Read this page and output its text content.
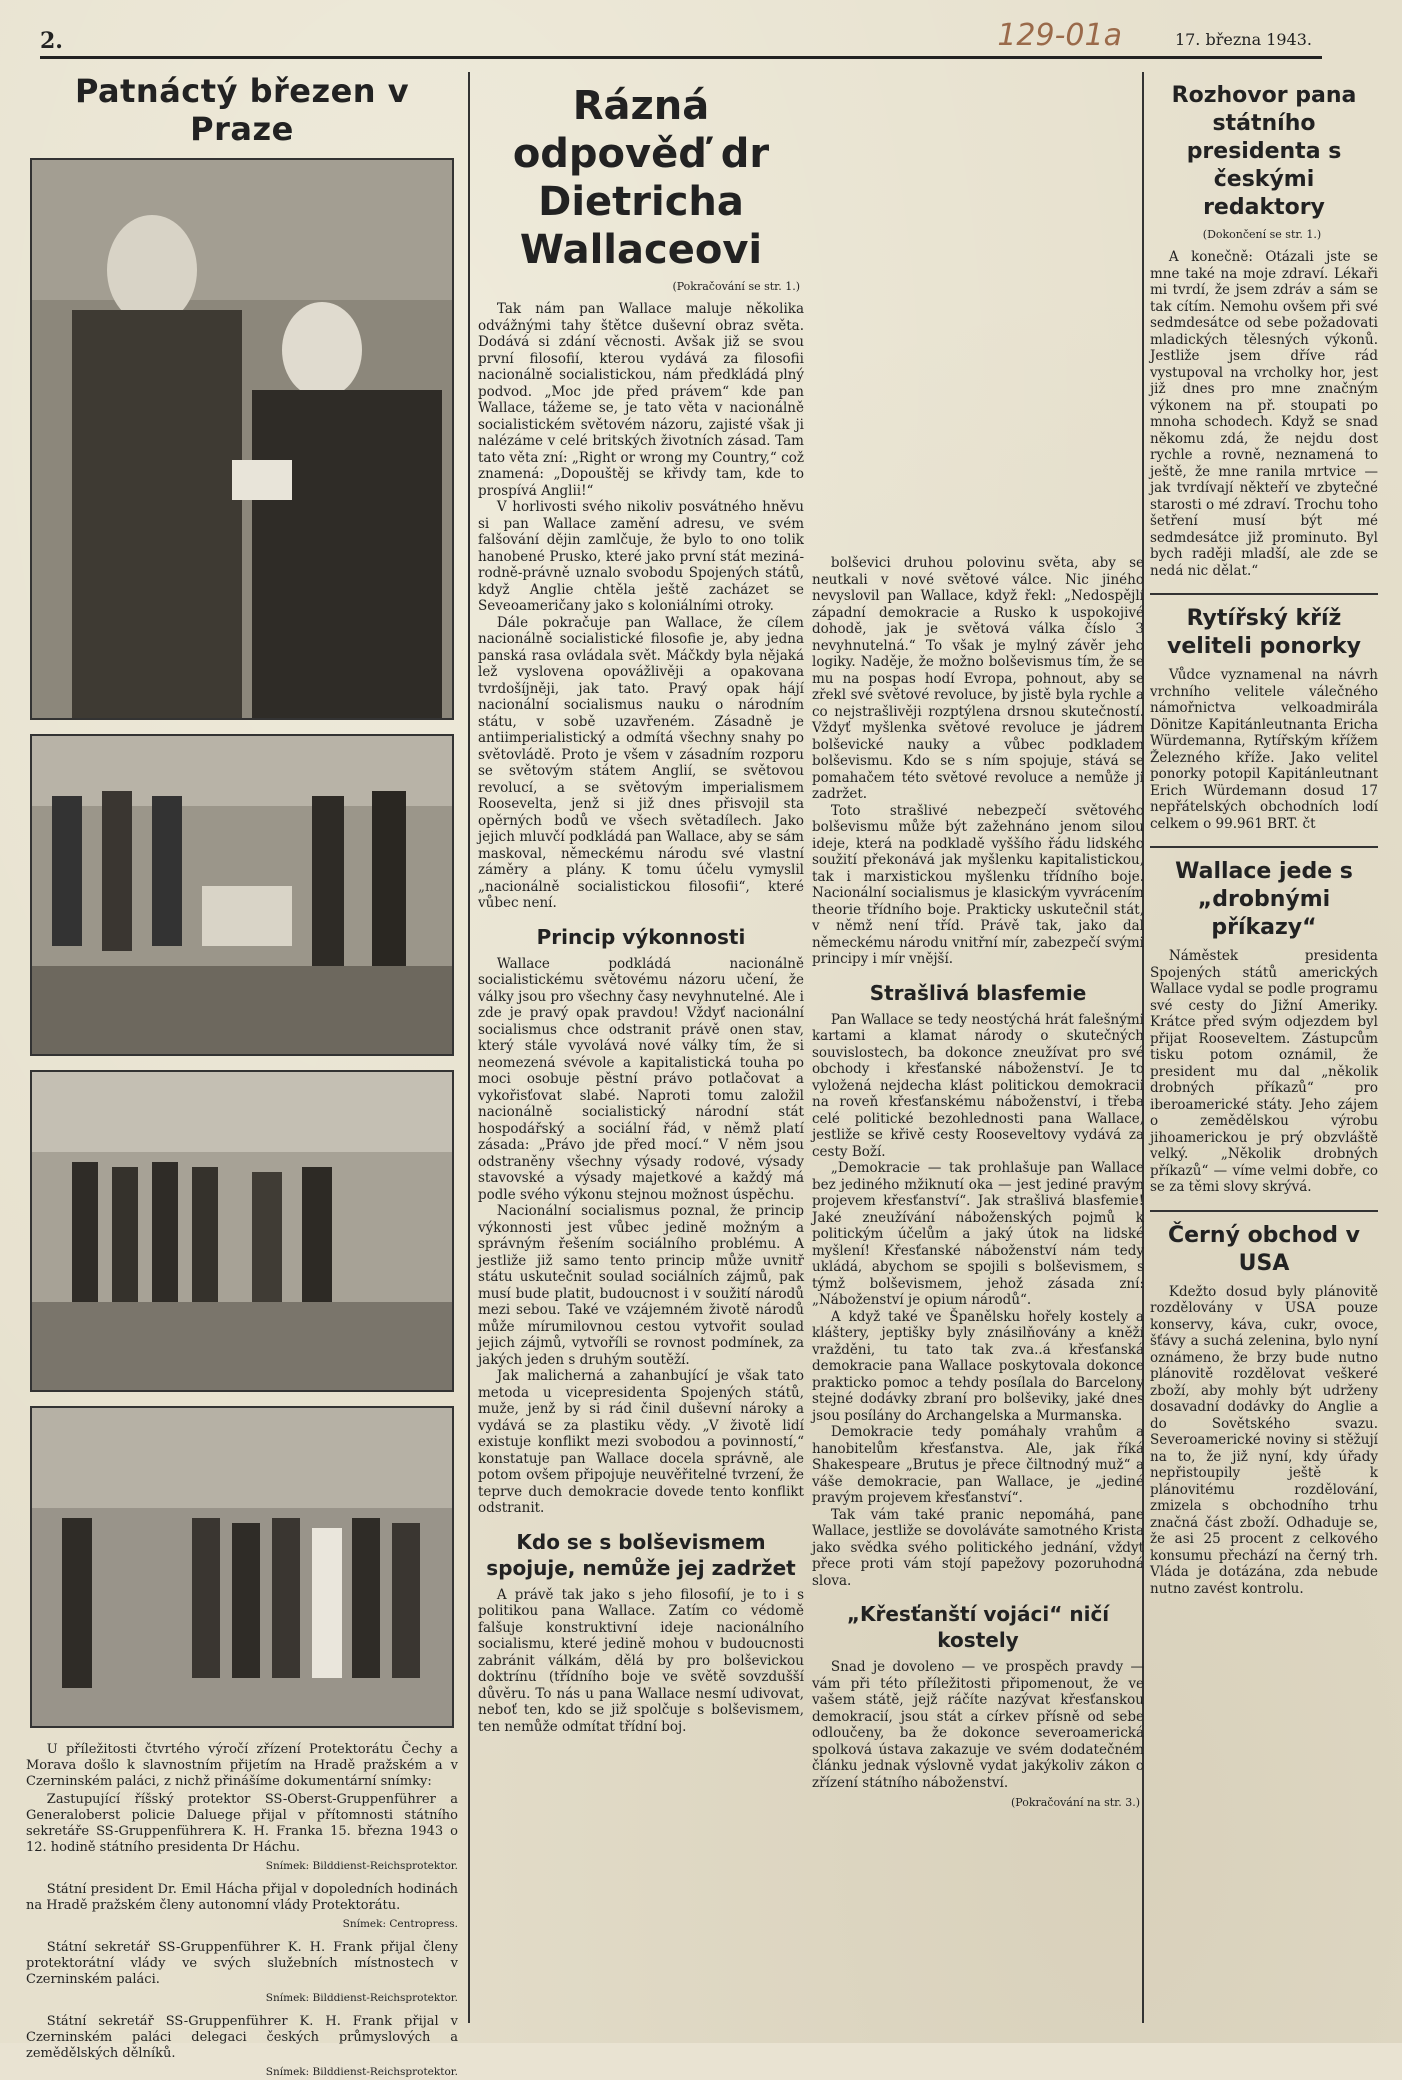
2.	129-01a	17. března 1943.
Patnáctý březen v Praze

U příležitosti čtvrtého výročí zřízení Protektorátu Čechy a Morava došlo k slavnostním přijetím na Hradě pražském a v Czerninském paláci, z nichž přinášíme dokumentární snímky:

Zastupující říšský protektor SS-Oberst-Gruppenführer a Generaloberst policie Daluege přijal v přítomnosti státního sekretáře SS-Gruppenführera K. H. Franka 15. března 1943 o 12. hodině státního presidenta Dr Háchu.

Snímek: Bilddienst-Reichsprotektor.

Státní president Dr. Emil Hácha přijal v dopoledních hodinách na Hradě pražském členy autonomní vlády Protektorátu.

Snímek: Centropress.

Státní sekretář SS-Gruppenführer K. H. Frank přijal členy protektorátní vlády ve svých služebních místnostech v Czerninském paláci.

Snímek: Bilddienst-Reichsprotektor.

Státní sekretář SS-Gruppenführer K. H. Frank přijal v Czerninském paláci delegaci českých průmyslových a zemědělských dělníků.

Snímek: Bilddienst-Reichsprotektor.
Rázná odpověď dr Dietricha Wallaceovi
(Pokračování se str. 1.)

Tak nám pan Wallace maluje několika odvážnými tahy štětce duševní obraz světa. Dodává si zdání věcnosti. Avšak již se svou první filosofií, kterou vydává za filosofii nacionálně socialistickou, nám předkládá plný podvod. „Moc jde před právem“ kde pan Wallace, tážeme se, je tato věta v nacionálně socialistickém světovém názoru, zajisté však ji nalézáme v celé britských životních zásad. Tam tato věta zní: „Right or wrong my Country,“ což znamená: „Dopouštěj se křivdy tam, kde to prospívá Anglii!“

V horlivosti svého nikoliv posvátného hněvu si pan Wallace zamění adresu, ve svém falšování dějin zamlčuje, že bylo to ono tolik hanobené Prusko, které jako první stát mezinárodně-právně uznalo svobodu Spojených států, když Anglie chtěla ještě zacházet se Seveoameričany jako s koloniálními otroky.

Dále pokračuje pan Wallace, že cílem nacionálně socialistické filosofie je, aby jedna panská rasa ovládala svět. Máčkdy byla nějaká lež vyslovena opovážlivěji a opakovana tvrdošíjněji, jak tato. Pravý opak hájí nacionální socialismus nauku o národním státu, v sobě uzavřeném. Zásadně je antiimperialistický a odmítá všechny snahy po světovládě. Proto je všem v zásadním rozporu se světovým státem Anglií, se světovou revolucí, a se světovým imperialismem Roosevelta, jenž si již dnes přisvojil sta opěrných bodů ve všech světadílech. Jako jejich mluvčí podkládá pan Wallace, aby se sám maskoval, německému národu své vlastní záměry a plány. K tomu účelu vymyslil „nacionálně socialistickou filosofii“, které vůbec není.

Princip výkonnosti

Wallace podkládá nacionálně socialistickému světovému názoru učení, že války jsou pro všechny časy nevyhnutelné. Ale i zde je pravý opak pravdou! Vždyť nacionální socialismus chce odstranit právě onen stav, který stále vyvolává nové války tím, že si neomezená svévole a kapitalistická touha po moci osobuje pěstní právo potlačovat a vykořisťovat slabé. Naproti tomu založil nacionálně socialistický národní stát hospodářský a sociální řád, v němž platí zásada: „Právo jde před mocí.“ V něm jsou odstraněny všechny výsady rodové, výsady stavovské a výsady majetkové a každý má podle svého výkonu stejnou možnost úspěchu.

Nacionální socialismus poznal, že princip výkonnosti jest vůbec jedině možným a správným řešením sociálního problému. A jestliže již samo tento princip může uvnitř státu uskutečnit soulad sociálních zájmů, pak musí bude platit, budoucnost i v soužití národů mezi sebou. Také ve vzájemném životě národů může mírumilovnou cestou vytvořit soulad jejich zájmů, vytvoříli se rovnost podmínek, za jakých jeden s druhým soutěží.

Jak malicherná a zahanbující je však tato metoda u vicepresidenta Spojených států, muže, jenž by si rád činil duševní nároky a vydává se za plastiku vědy. „V životě lidí existuje konflikt mezi svobodou a povinností,“ konstatuje pan Wallace docela správně, ale potom ovšem připojuje neuvěřitelné tvrzení, že teprve duch demokracie dovede tento konflikt odstranit.

Kdo se s bolševismem spojuje, nemůže jej zadržet

A právě tak jako s jeho filosofií, je to i s politikou pana Wallace. Zatím co védomě falšuje konstruktivní ideje nacionálního socialismu, které jedině mohou v budoucnosti zabránit válkám, dělá by pro bolševickou doktrínu (třídního boje ve světě sovzdušší důvěru. To nás u pana Wallace nesmí udivovat, neboť ten, kdo se již spolčuje s bolševismem, ten nemůže odmítat třídní boj.

bolševici druhou polovinu světa, aby se neutkali v nové světové válce. Nic jiného nevyslovil pan Wallace, když řekl: „Nedospějlí západní demokracie a Rusko k uspokojivé dohodě, jak je světová válka číslo 3 nevyhnutelná.“ To však je mylný závěr jeho logiky. Naděje, že možno bolševismus tím, že se mu na pospas hodí Evropa, pohnout, aby se zřekl své světové revoluce, by jistě byla rychle a co nejstrašlivěji rozptýlena drsnou skutečností. Vždyť myšlenka světové revoluce je jádrem bolševické nauky a vůbec podkladem bolševismu. Kdo se s ním spojuje, stává se pomahačem této světové revoluce a nemůže ji zadržet.

Toto strašlivé nebezpečí světového bolševismu může být zažehnáno jenom silou ideje, která na podkladě vyššího řádu lidského soužití překonává jak myšlenku kapitalistickou, tak i marxistickou myšlenku třídního boje. Nacionální socialismus je klasickým vyvrácením theorie třídního boje. Prakticky uskutečnil stát, v němž není tříd. Právě tak, jako dal německému národu vnitřní mír, zabezpečí svými principy i mír vnější.

Strašlivá blasfemie

Pan Wallace se tedy neostýchá hrát falešnými kartami a klamat národy o skutečných souvislostech, ba dokonce zneužívat pro své obchody i křesťanské náboženství. Je to vyložená nejdecha klást politickou demokracii na roveň křesťanskému náboženství, i třeba celé politické bezohlednosti pana Wallace, jestliže se křivě cesty Rooseveltovy vydává za cesty Boží.

„Demokracie — tak prohlašuje pan Wallace bez jediného mžiknutí oka — jest jediné pravým projevem křesťanství“. Jak strašlivá blasfemie! Jaké zneužívání náboženských pojmů k politickým účelům a jaký útok na lidské myšlení! Křesťanské náboženství nám tedy ukládá, abychom se spojili s bolševismem, s týmž bolševismem, jehož zásada zní: „Náboženství je opium národů“.

A když také ve Španělsku hořely kostely a kláštery, jeptišky byly znásilňovány a kněží vražděni, tu tato tak zva..á křesťanská demokracie pana Wallace poskytovala dokonce prakticko pomoc a tehdy posílala do Barcelony stejné dodávky zbraní pro bolševiky, jaké dnes jsou posílány do Archangelska a Murmanska.

Demokracie tedy pomáhaly vrahům a hanobitelům křesťanstva. Ale, jak říká Shakespeare „Brutus je přece čiltnodný muž“ a váše demokracie, pan Wallace, je „jediné pravým projevem křesťanství“.

Tak vám také pranic nepomáhá, pane Wallace, jestliže se dovoláváte samotného Krista jako svědka svého politického jednání, vždyť přece proti vám stojí papežovy pozoruhodná slova.

„Křesťanští vojáci“ ničí kostely

Snad je dovoleno — ve prospěch pravdy — vám při této příležitosti připomenout, že ve vašem státě, jejž ráčíte nazývat křesťanskou demokracií, jsou stát a církev přísně od sebe odloučeny, ba že dokonce severoamerická spolková ústava zakazuje ve svém dodatečném článku jednak výslovně vydat jakýkoliv zákon o zřízení státního náboženství.

(Pokračování na str. 3.)
Rozhovor pana státního presidenta s českými redaktory
(Dokončení se str. 1.)

A konečně: Otázali jste se mne také na moje zdraví. Lékaři mi tvrdí, že jsem zdráv a sám se tak cítím. Nemohu ovšem při své sedmdesátce od sebe požadovati mladických tělesných výkonů. Jestliže jsem dříve rád vystupoval na vrcholky hor, jest již dnes pro mne značným výkonem na př. stoupati po mnoha schodech. Když se snad někomu zdá, že nejdu dost rychle a rovně, neznamená to ještě, že mne ranila mrtvice — jak tvrdívají někteří ve zbytečné starosti o mé zdraví. Trochu toho šetření musí být mé sedmdesátce již prominuto. Byl bych raději mladší, ale zde se nedá nic dělat.“

Rytířský kříž veliteli ponorky

Vůdce vyznamenal na návrh vrchního velitele válečného námořnictva velkoadmirála Dönitze Kapitánleutnanta Ericha Würdemanna, Rytířským křížem Železného kříže. Jako velitel ponorky potopil Kapitánleutnant Erich Würdemann dosud 17 nepřátelských obchodních lodí celkem o 99.961 BRT. čt

Wallace jede s „drobnými příkazy“

Náměstek presidenta Spojených států amerických Wallace vydal se podle programu své cesty do Jižní Ameriky. Krátce před svým odjezdem byl přijat Rooseveltem. Zástupcům tisku potom oznámil, že president mu dal „několik drobných příkazů“ pro iberoamerické státy. Jeho zájem o zemědělskou výrobu jihoamerickou je prý obzvláště velký. „Několik drobných příkazů“ — víme velmi dobře, co se za těmi slovy skrývá.

Černý obchod v USA

Kdežto dosud byly plánovitě rozdělovány v USA pouze konservy, káva, cukr, ovoce, šťávy a suchá zelenina, bylo nyní oznámeno, že brzy bude nutno plánovitě rozdělovat veškeré zboží, aby mohly být udrženy dosavadní dodávky do Anglie a do Sovětského svazu. Severoamerické noviny si stěžují na to, že již nyní, kdy úřady nepřistoupily ještě k plánovitému rozdělování, zmizela s obchodního trhu značná část zboží. Odhaduje se, že asi 25 procent z celkového konsumu přechází na černý trh. Vláda je dotázána, zda nebude nutno zavést kontrolu.
